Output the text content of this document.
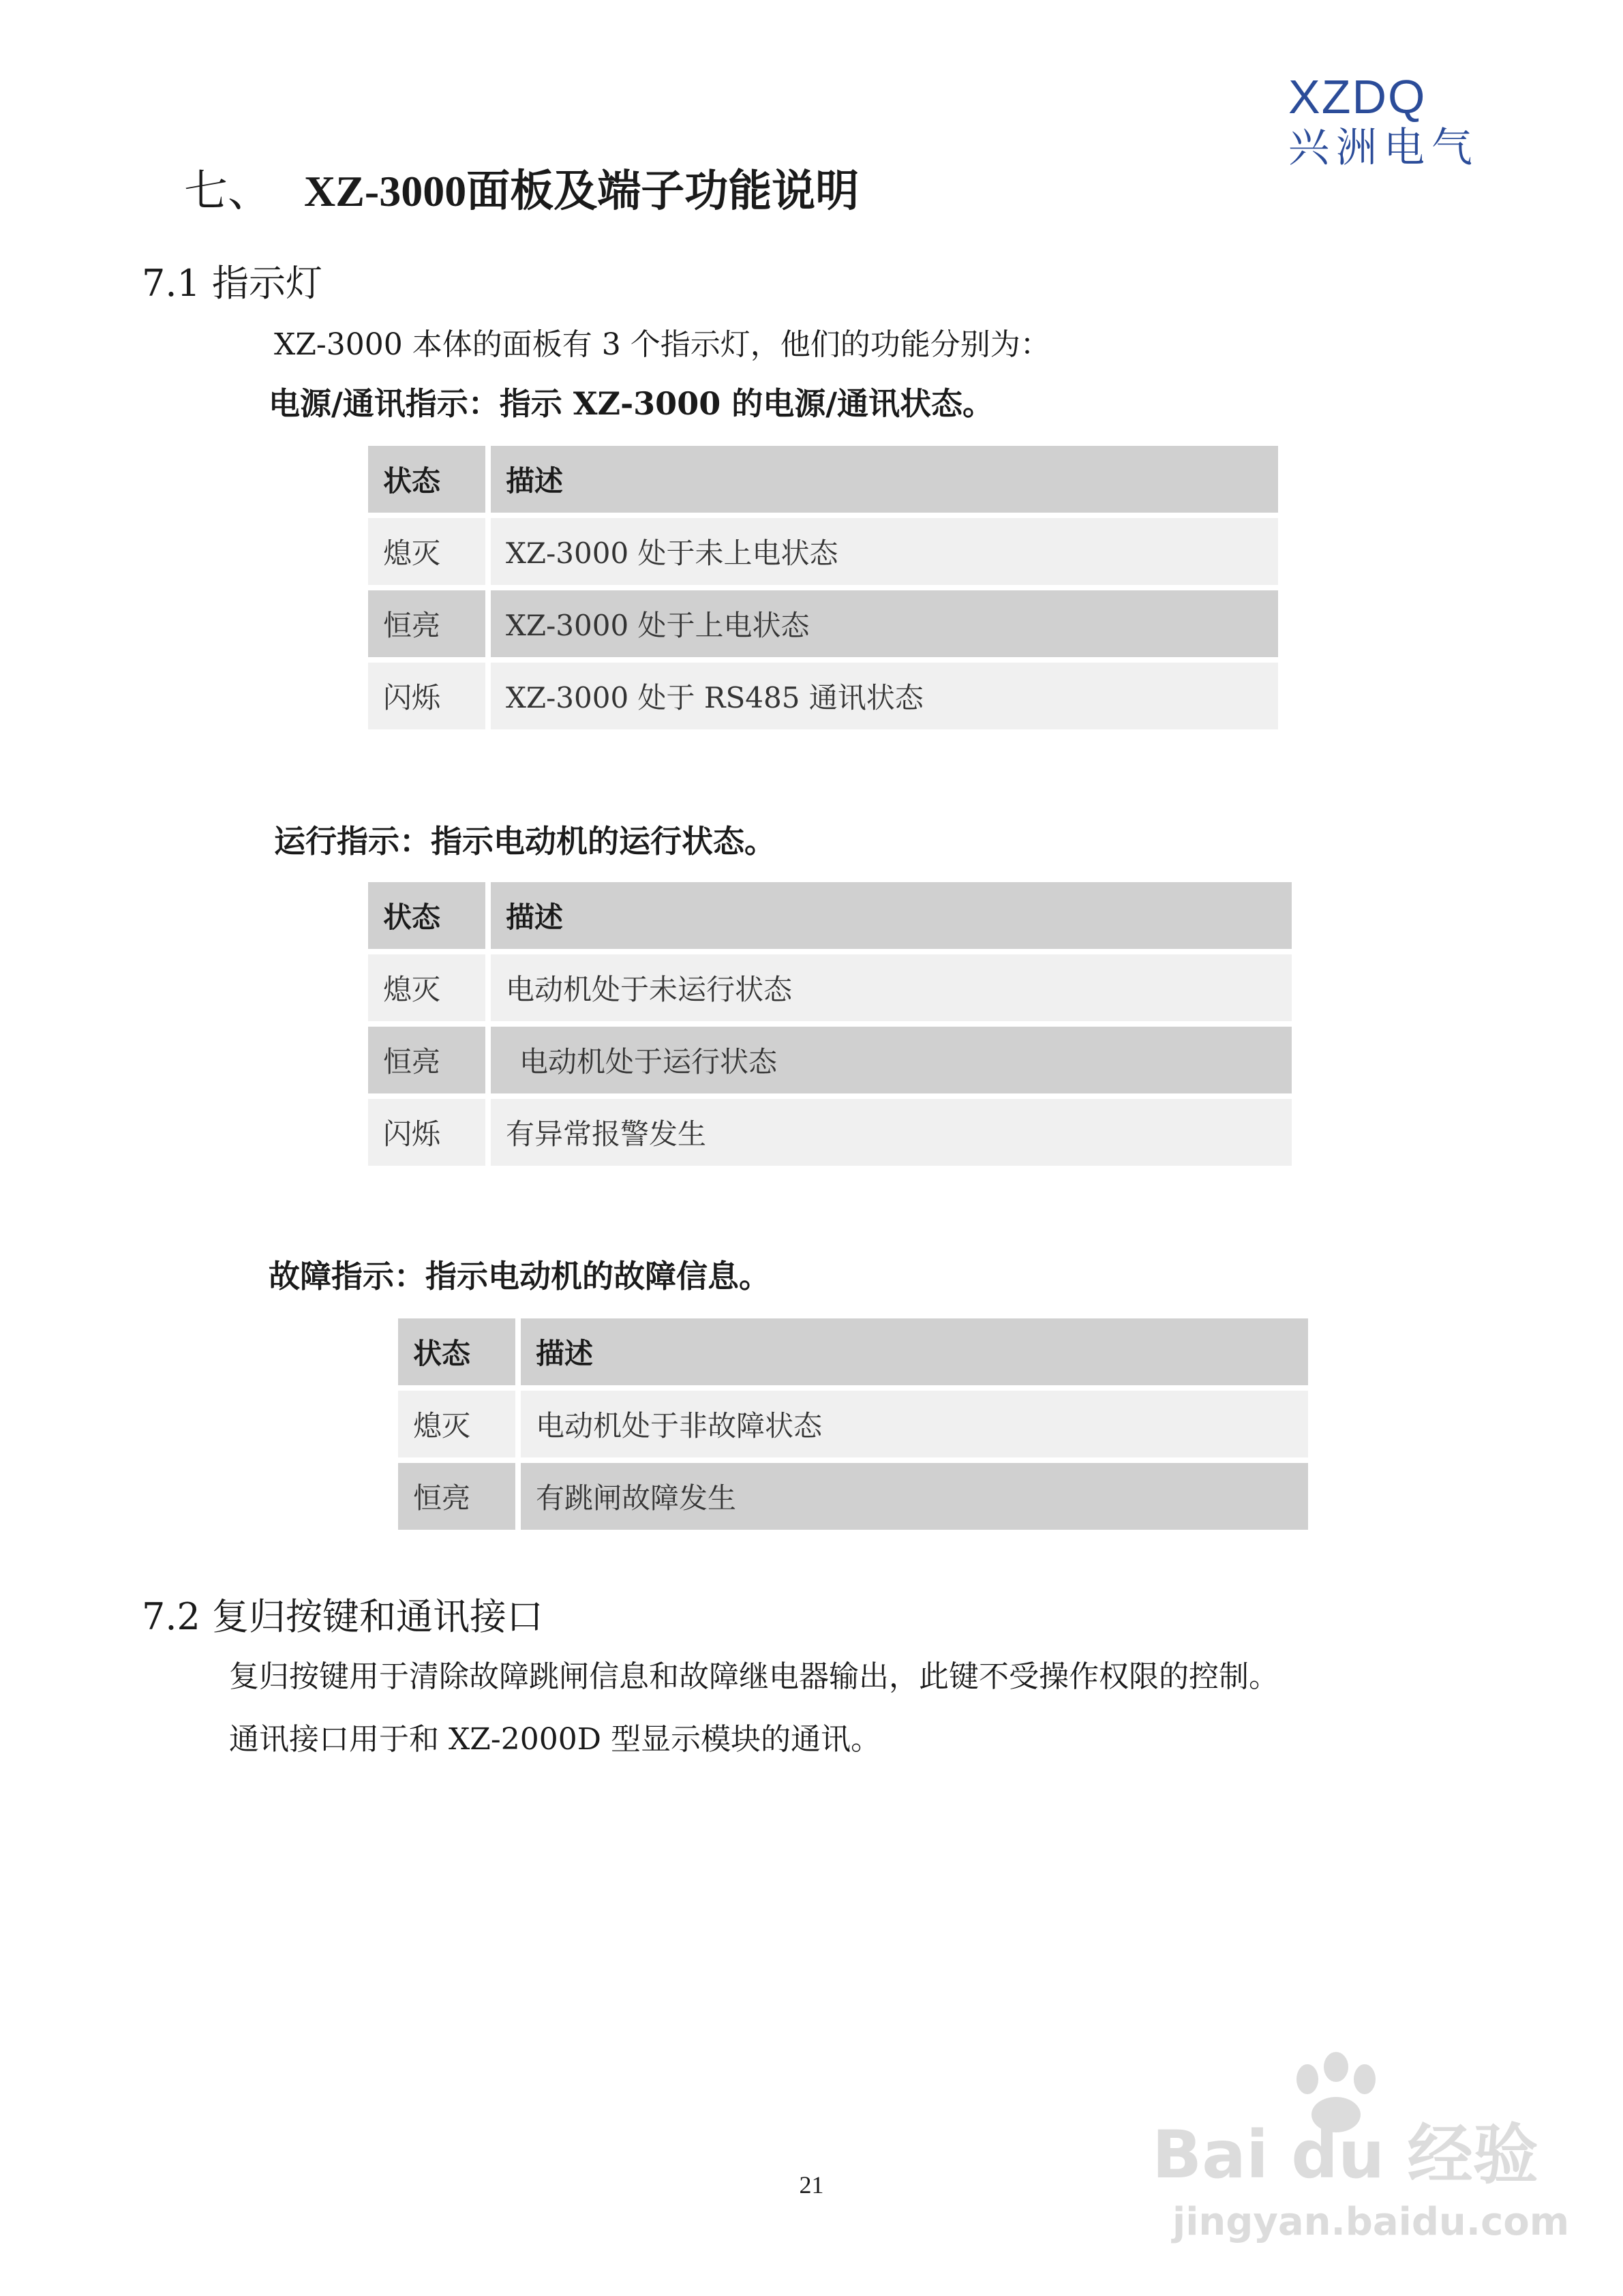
XZDQ
兴洲电气
七、 XZ-3000面板及端子功能说明
7.1 指示灯
XZ-3000 本体的面板有 3 个指示灯，他们的功能分别为：
电源/通讯指示：指示 XZ-3000 的电源/通讯状态。
状态	描述
熄灭	XZ-3000 处于未上电状态
恒亮	XZ-3000 处于上电状态
闪烁	XZ-3000 处于 RS485 通讯状态
运行指示：指示电动机的运行状态。
状态	描述
熄灭	电动机处于未运行状态
恒亮	电动机处于运行状态
闪烁	有异常报警发生
故障指示：指示电动机的故障信息。
状态	描述
熄灭	电动机处于非故障状态
恒亮	有跳闸故障发生
7.2 复归按键和通讯接口
复归按键用于清除故障跳闸信息和故障继电器输出，此键不受操作权限的控制。
通讯接口用于和 XZ-2000D 型显示模块的通讯。
21	Bai du 经验
jingyan.baidu.com
